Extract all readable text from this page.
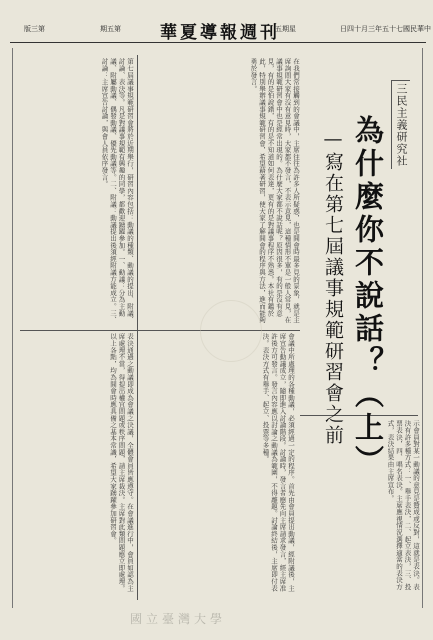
日四十月三年五十七國民華中
五期星
刊週報導夏華
期五第
版三第
三民主義研究社
為什麼你不說話？（上）
—寫在第七屆議事規範研習會之前
在我們常接觸到的會議中，主席往往為許多人所疑惑，也是開會時最多見的景象，就是主席詢問大家有沒有意見時，大家都不發言，不表示意見，這種情形不單是一般人常見，在議事規範研習會中也是經常出現的。為什麼大家都不說話呢？原因很多，有的是沒有意見，有的是怕說錯，有的是不知道如何表達，更有的是對議事程序不熟悉。本社有鑑於此，特別舉辦議事規範研習會，希望藉著研習，使大家了解開會的程序與方法，進而能夠勇於發言。
第七屆議事規範研習會將於近期舉行，研習內容包括：動議的種類、動議的提出、附議、討論、表決等。凡是對議事規範有興趣的同學，都歡迎踴躍參加。一、動議：分為主動議、附屬動議、偶發動議、優先動議等。二、附議：動議提出後須經附議方能成立。三、討論：主席宣告討論，與會人員依序發言。
會議中所處理的各種動議，必須經過一定的程序。首先由會員提出動議，經附議後，主席宣告動議成立，隨即進入討論階段。討論時，發言者應先向主席請求發言，經主席准許後方可發言。發言內容應以討論之動議為範圍，不得離題。討論終結後，主席即付表決。表決方式有舉手、起立、投票等多種。
表決通過之動議即成為會議之決議，全體會員皆應遵守。在會議進行中，會員如認為主席處理不當，得提出權宜問題或秩序問題，請主席裁決。主席對此類問題應立即處理。以上各點，均為開會時應具備之基本常識，希望大家踴躍參加研習會。	示會員對某一動議的意見是贊成或反對，這就是表決。表決有許多種方式：一、舉手表決，二、起立表決，三、投票表決，四、唱名表決。主席應視情況選擇適當的表決方式，表決結果由主席宣布。
國立臺灣大學
